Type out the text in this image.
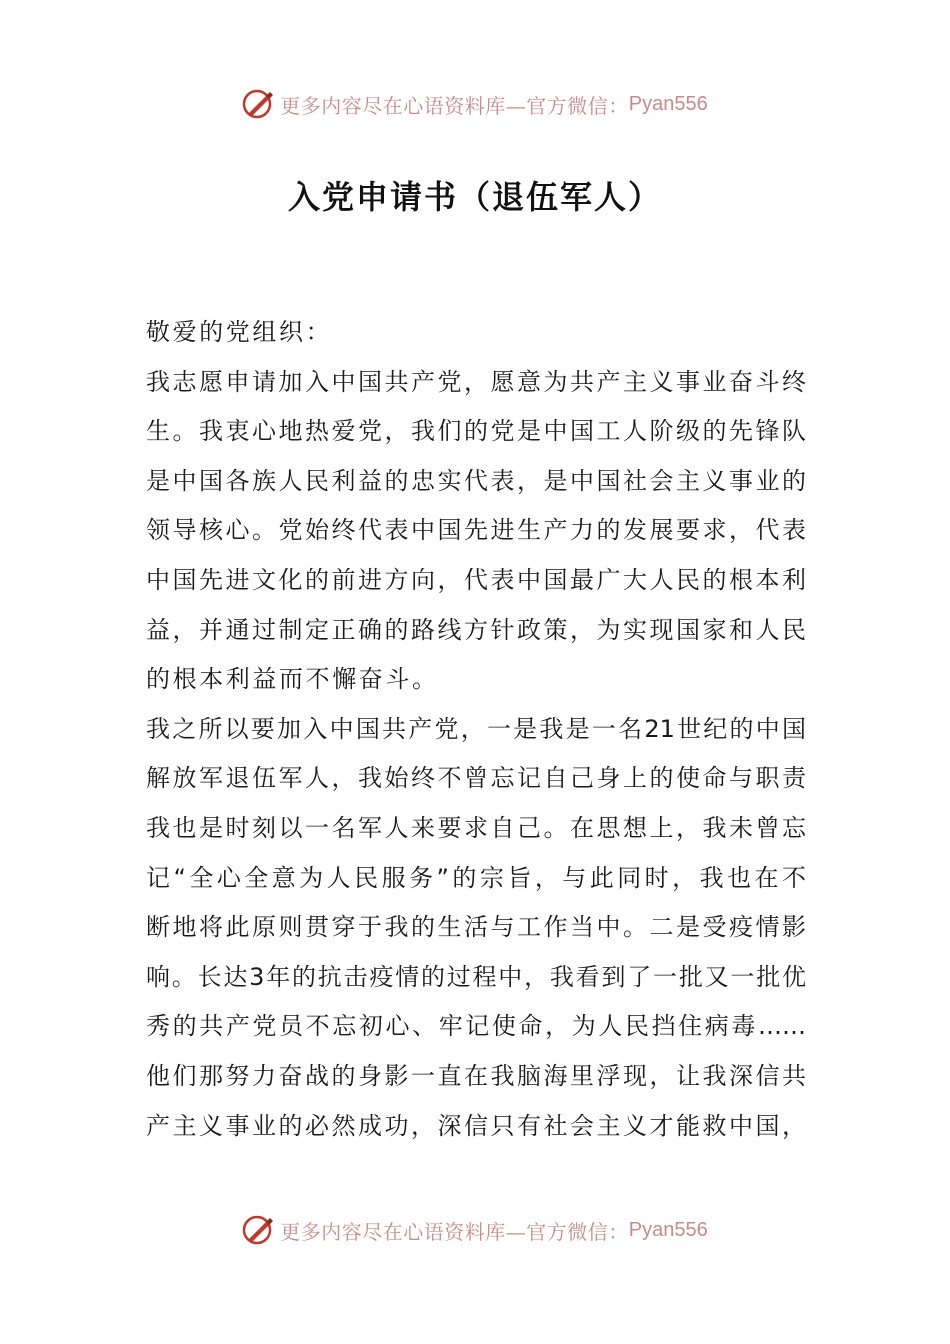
更多内容尽在心语资料库—官方微信： Pyan556
入党申请书（退伍军人）
敬爱的党组织：
我志愿申请加入中国共产党，愿意为共产主义事业奋斗终
生。我衷心地热爱党，我们的党是中国工人阶级的先锋队
是中国各族人民利益的忠实代表，是中国社会主义事业的
领导核心。党始终代表中国先进生产力的发展要求，代表
中国先进文化的前进方向，代表中国最广大人民的根本利
益，并通过制定正确的路线方针政策，为实现国家和人民
的根本利益而不懈奋斗。
我之所以要加入中国共产党，一是我是一名21世纪的中国
解放军退伍军人，我始终不曾忘记自己身上的使命与职责
我也是时刻以一名军人来要求自己。在思想上，我未曾忘
记“全心全意为人民服务”的宗旨，与此同时，我也在不
断地将此原则贯穿于我的生活与工作当中。二是受疫情影
响。长达3年的抗击疫情的过程中，我看到了一批又一批优
秀的共产党员不忘初心、牢记使命，为人民挡住病毒……
他们那努力奋战的身影一直在我脑海里浮现，让我深信共
产主义事业的必然成功，深信只有社会主义才能救中国，
更多内容尽在心语资料库—官方微信： Pyan556
